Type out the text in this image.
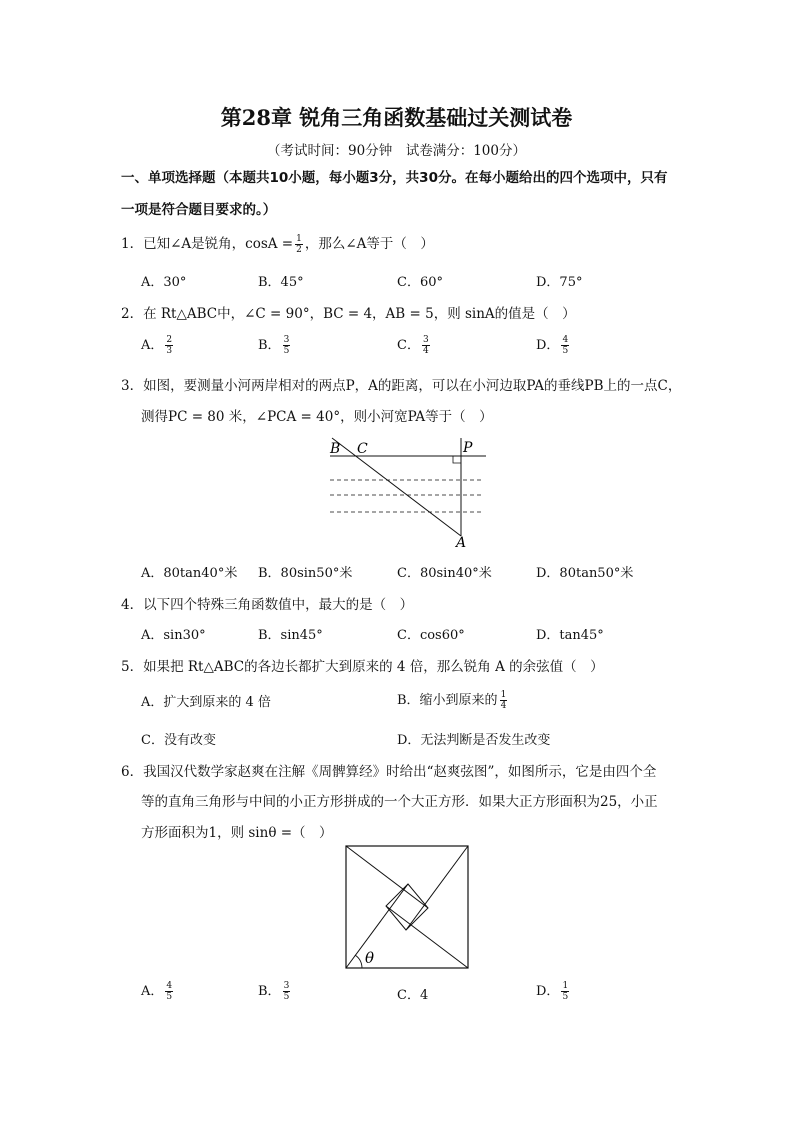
第28章 锐角三角函数基础过关测试卷
（考试时间：90分钟　试卷满分：100分）
一、单项选择题（本题共10小题，每小题3分，共30分。在每小题给出的四个选项中，只有
一项是符合题目要求的。）
1．已知∠A是锐角，$\cos A = \frac{1}{2}$ ，那么∠A等于（　）
A．30°	B．45°	C．60°	D．75°
2．在 Rt△ABC中，∠C = 90°，BC = 4，AB = 5，则 sinA的值是（　）
A． $\frac{2}{3}$	B． $\frac{3}{5}$	C． $\frac{3}{4}$	D． $\frac{4}{5}$
3．如图，要测量小河两岸相对的两点P，A的距离，可以在小河边取PA的垂线PB上的一点C，
测得PC = 80 米，∠PCA = 40°，则小河宽PA等于（　）
B C	P
A
A．80tan40°米 B．80sin50°米	C．80sin40°米	D．80tan50°米
4．以下四个特殊三角函数值中，最大的是（　）
A．sin30°	B．sin45°	C．cos60°	D．tan45°
5．如果把 Rt△ABC的各边长都扩大到原来的 4 倍，那么锐角 A 的余弦值（　）
A．扩大到原来的 4 倍	B．缩小到原来的 $\frac{1}{4}$
C．没有改变	D．无法判断是否发生改变
6．我国汉代数学家赵爽在注解《周髀算经》时给出“赵爽弦图”，如图所示，它是由四个全
等的直角三角形与中间的小正方形拼成的一个大正方形．如果大正方形面积为25，小正
方形面积为1，则 sinθ =（　）
θ
A． $\frac{4}{5}$	B． $\frac{3}{5}$	C．4	D． $\frac{1}{5}$
